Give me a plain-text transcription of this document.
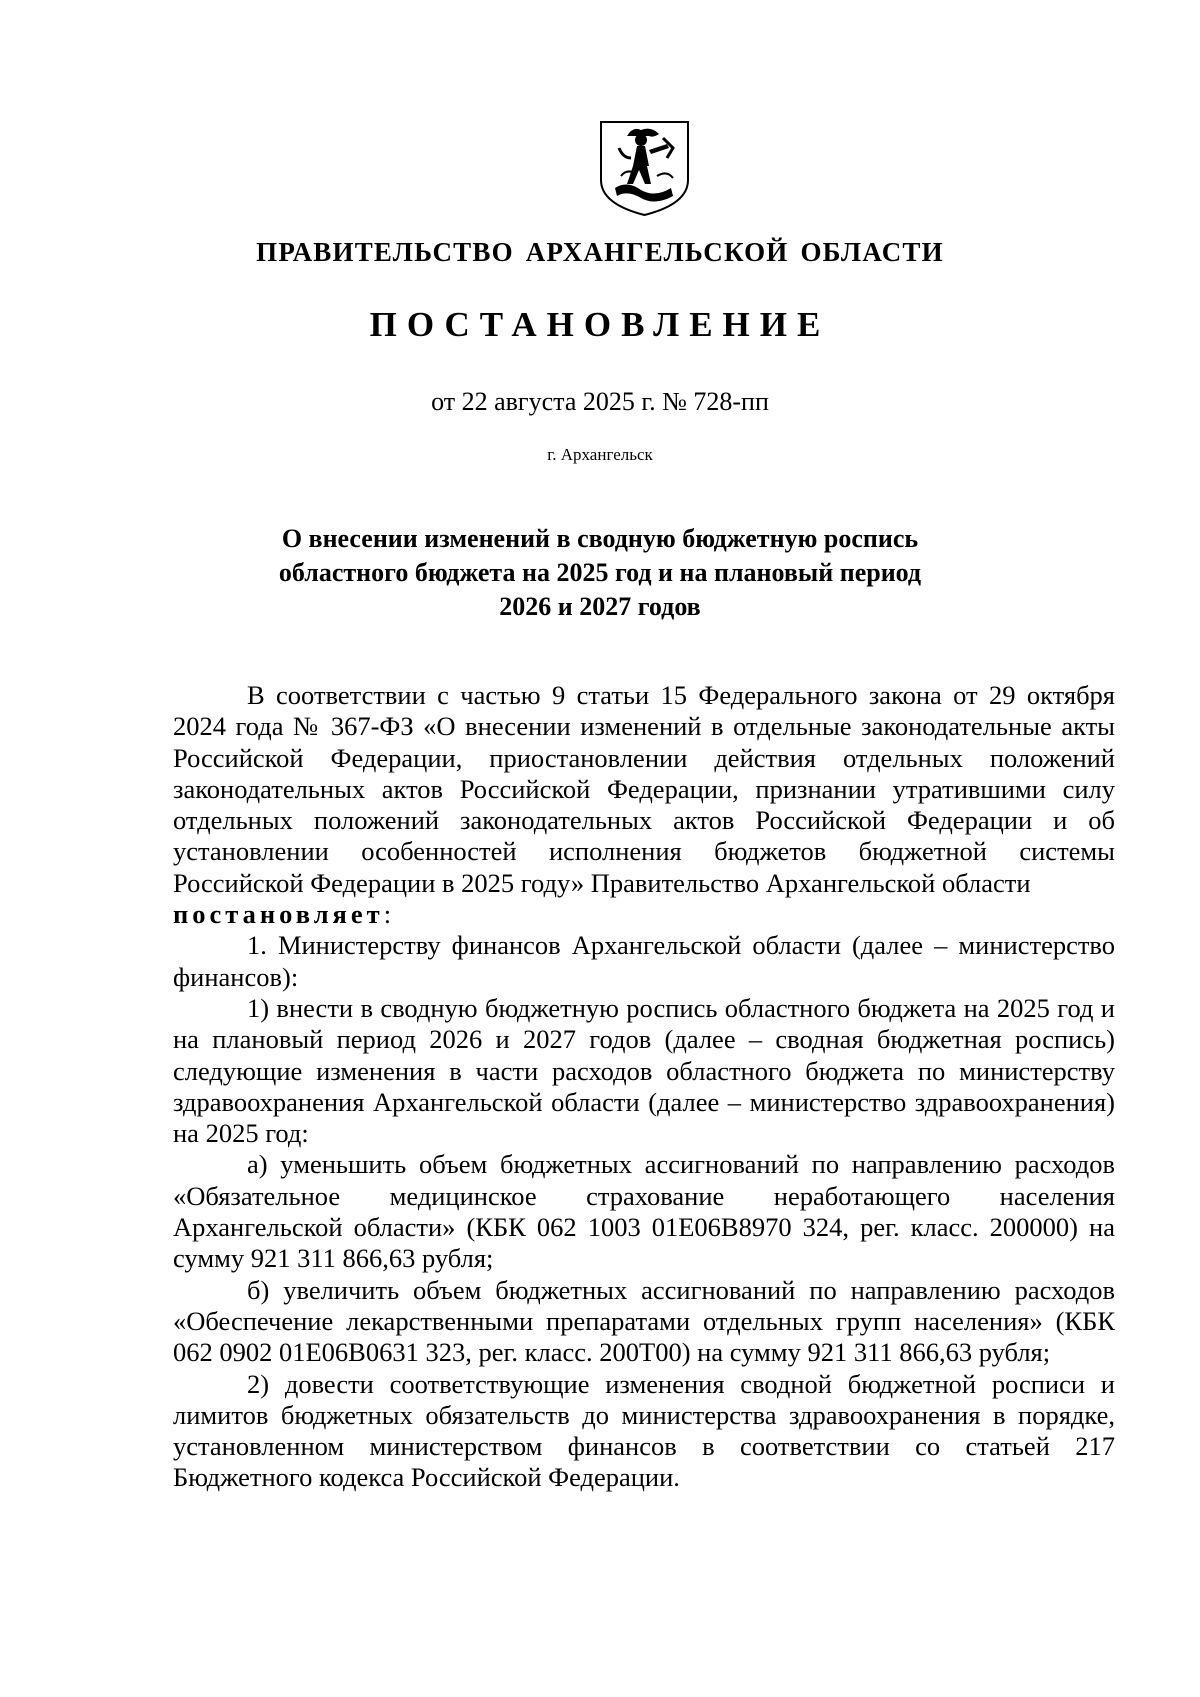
ПРАВИТЕЛЬСТВО АРХАНГЕЛЬСКОЙ ОБЛАСТИ
ПОСТАНОВЛЕНИЕ
от 22 августа 2025 г. № 728-пп
г. Архангельск
О внесении изменений в сводную бюджетную роспись
областного бюджета на 2025 год и на плановый период
2026 и 2027 годов

В соответствии с частью 9 статьи 15 Федерального закона от 29 октября 2024 года № 367-ФЗ «О внесении изменений в отдельные законодательные акты Российской Федерации, приостановлении действия отдельных положений законодательных актов Российской Федерации, признании утратившими силу отдельных положений законодательных актов Российской Федерации и об установлении особенностей исполнения бюджетов бюджетной системы Российской Федерации в 2025 году» Правительство Архангельской области

постановляет:

1. Министерству финансов Архангельской области (далее – министерство финансов):

1) внести в сводную бюджетную роспись областного бюджета на 2025 год и на плановый период 2026 и 2027 годов (далее – сводная бюджетная роспись) следующие изменения в части расходов областного бюджета по министерству здравоохранения Архангельской области (далее – министерство здравоохранения) на 2025 год:

а) уменьшить объем бюджетных ассигнований по направлению расходов «Обязательное медицинское страхование неработающего населения Архангельской области» (КБК 062 1003 01Е06В8970 324, рег. класс. 200000) на сумму 921 311 866,63 рубля;

б) увеличить объем бюджетных ассигнований по направлению расходов «Обеспечение лекарственными препаратами отдельных групп населения» (КБК 062 0902 01Е06В0631 323, рег. класс. 200Т00) на сумму 921 311 866,63 рубля;

2) довести соответствующие изменения сводной бюджетной росписи и лимитов бюджетных обязательств до министерства здравоохранения в порядке, установленном министерством финансов в соответствии со статьей 217 Бюджетного кодекса Российской Федерации.
